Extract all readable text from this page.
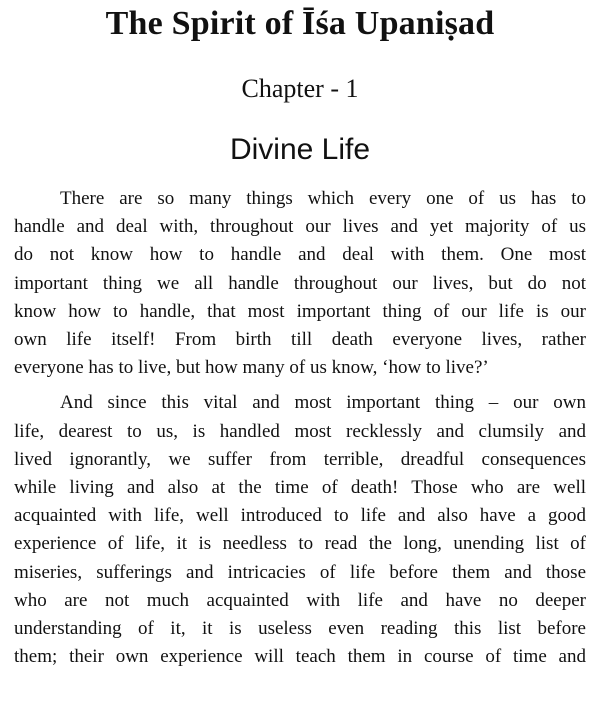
The Spirit of Īśa Upaniṣad
Chapter - 1
Divine Life

There are so many things which every one of us has to
handle and deal with, throughout our lives and yet majority of us
do not know how to handle and deal with them. One most
important thing we all handle throughout our lives, but do not
know how to handle, that most important thing of our life is our
own life itself! From birth till death everyone lives, rather
everyone has to live, but how many of us know, ‘how to live?’

And since this vital and most important thing – our own
life, dearest to us, is handled most recklessly and clumsily and
lived ignorantly, we suffer from terrible, dreadful consequences
while living and also at the time of death! Those who are well
acquainted with life, well introduced to life and also have a good
experience of life, it is needless to read the long, unending list of
miseries, sufferings and intricacies of life before them and those
who are not much acquainted with life and have no deeper
understanding of it, it is useless even reading this list before
them; their own experience will teach them in course of time and
